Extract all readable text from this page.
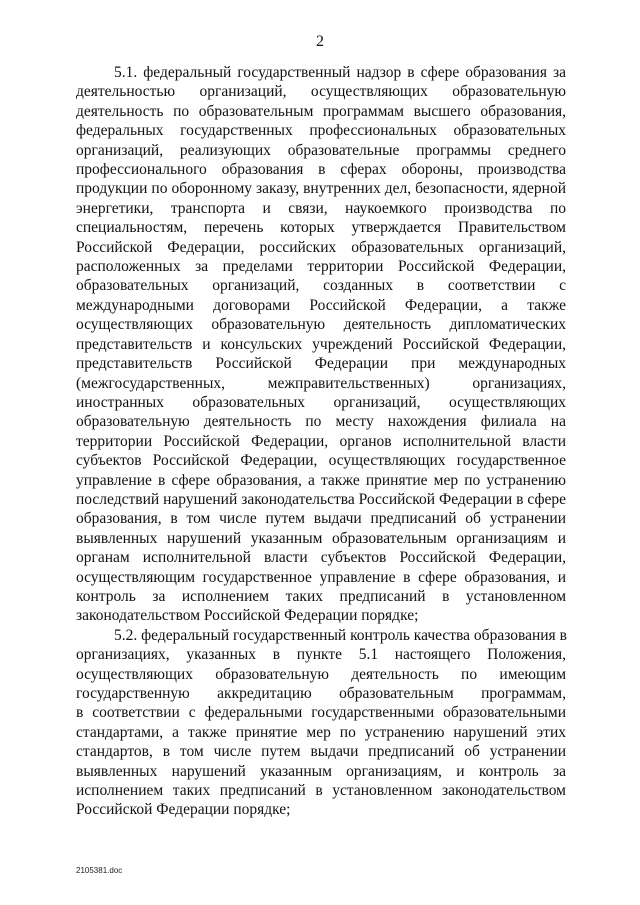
2
5.1. федеральный государственный надзор в сфере образования за
деятельностью организаций, осуществляющих образовательную
деятельность по образовательным программам высшего образования,
федеральных государственных профессиональных образовательных
организаций, реализующих образовательные программы среднего
профессионального образования в сферах обороны, производства
продукции по оборонному заказу, внутренних дел, безопасности, ядерной
энергетики, транспорта и связи, наукоемкого производства по
специальностям, перечень которых утверждается Правительством
Российской Федерации, российских образовательных организаций,
расположенных за пределами территории Российской Федерации,
образовательных организаций, созданных в соответствии с
международными договорами Российской Федерации, а также
осуществляющих образовательную деятельность дипломатических
представительств и консульских учреждений Российской Федерации,
представительств Российской Федерации при международных
(межгосударственных, межправительственных) организациях,
иностранных образовательных организаций, осуществляющих
образовательную деятельность по месту нахождения филиала на
территории Российской Федерации, органов исполнительной власти
субъектов Российской Федерации, осуществляющих государственное
управление в сфере образования, а также принятие мер по устранению
последствий нарушений законодательства Российской Федерации в сфере
образования, в том числе путем выдачи предписаний об устранении
выявленных нарушений указанным образовательным организациям и
органам исполнительной власти субъектов Российской Федерации,
осуществляющим государственное управление в сфере образования, и
контроль за исполнением таких предписаний в установленном
законодательством Российской Федерации порядке;
5.2. федеральный государственный контроль качества образования в
организациях, указанных в пункте 5.1 настоящего Положения,
осуществляющих образовательную деятельность по имеющим
государственную аккредитацию образовательным программам,
в соответствии с федеральными государственными образовательными
стандартами, а также принятие мер по устранению нарушений этих
стандартов, в том числе путем выдачи предписаний об устранении
выявленных нарушений указанным организациям, и контроль за
исполнением таких предписаний в установленном законодательством
Российской Федерации порядке;
2105381.doc
